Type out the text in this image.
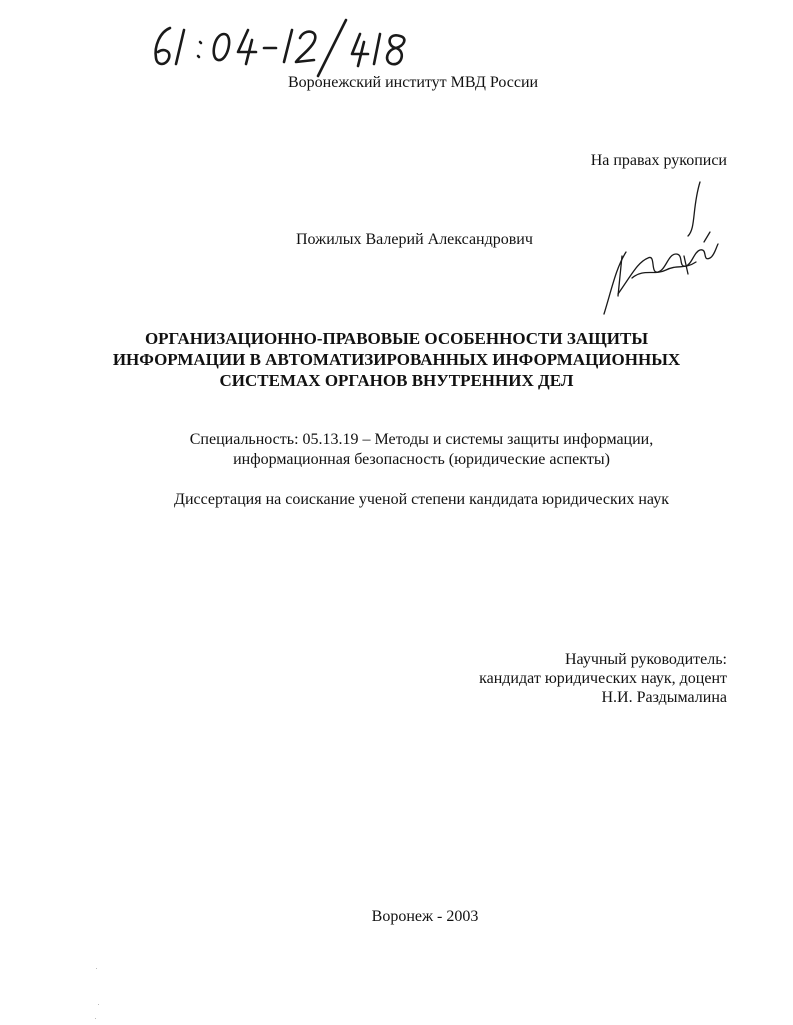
Воронежский институт МВД России

На правах рукописи

Пожилых Валерий Александрович

ОРГАНИЗАЦИОННО-ПРАВОВЫЕ ОСОБЕННОСТИ ЗАЩИТЫ
ИНФОРМАЦИИ В АВТОМАТИЗИРОВАННЫХ ИНФОРМАЦИОННЫХ
СИСТЕМАХ ОРГАНОВ ВНУТРЕННИХ ДЕЛ
Специальность: 05.13.19 – Методы и системы защиты информации,
информационная безопасность (юридические аспекты)
Диссертация на соискание ученой степени кандидата юридических наук
Научный руководитель:
кандидат юридических наук, доцент
Н.И. Раздымалина
Воронеж - 2003
